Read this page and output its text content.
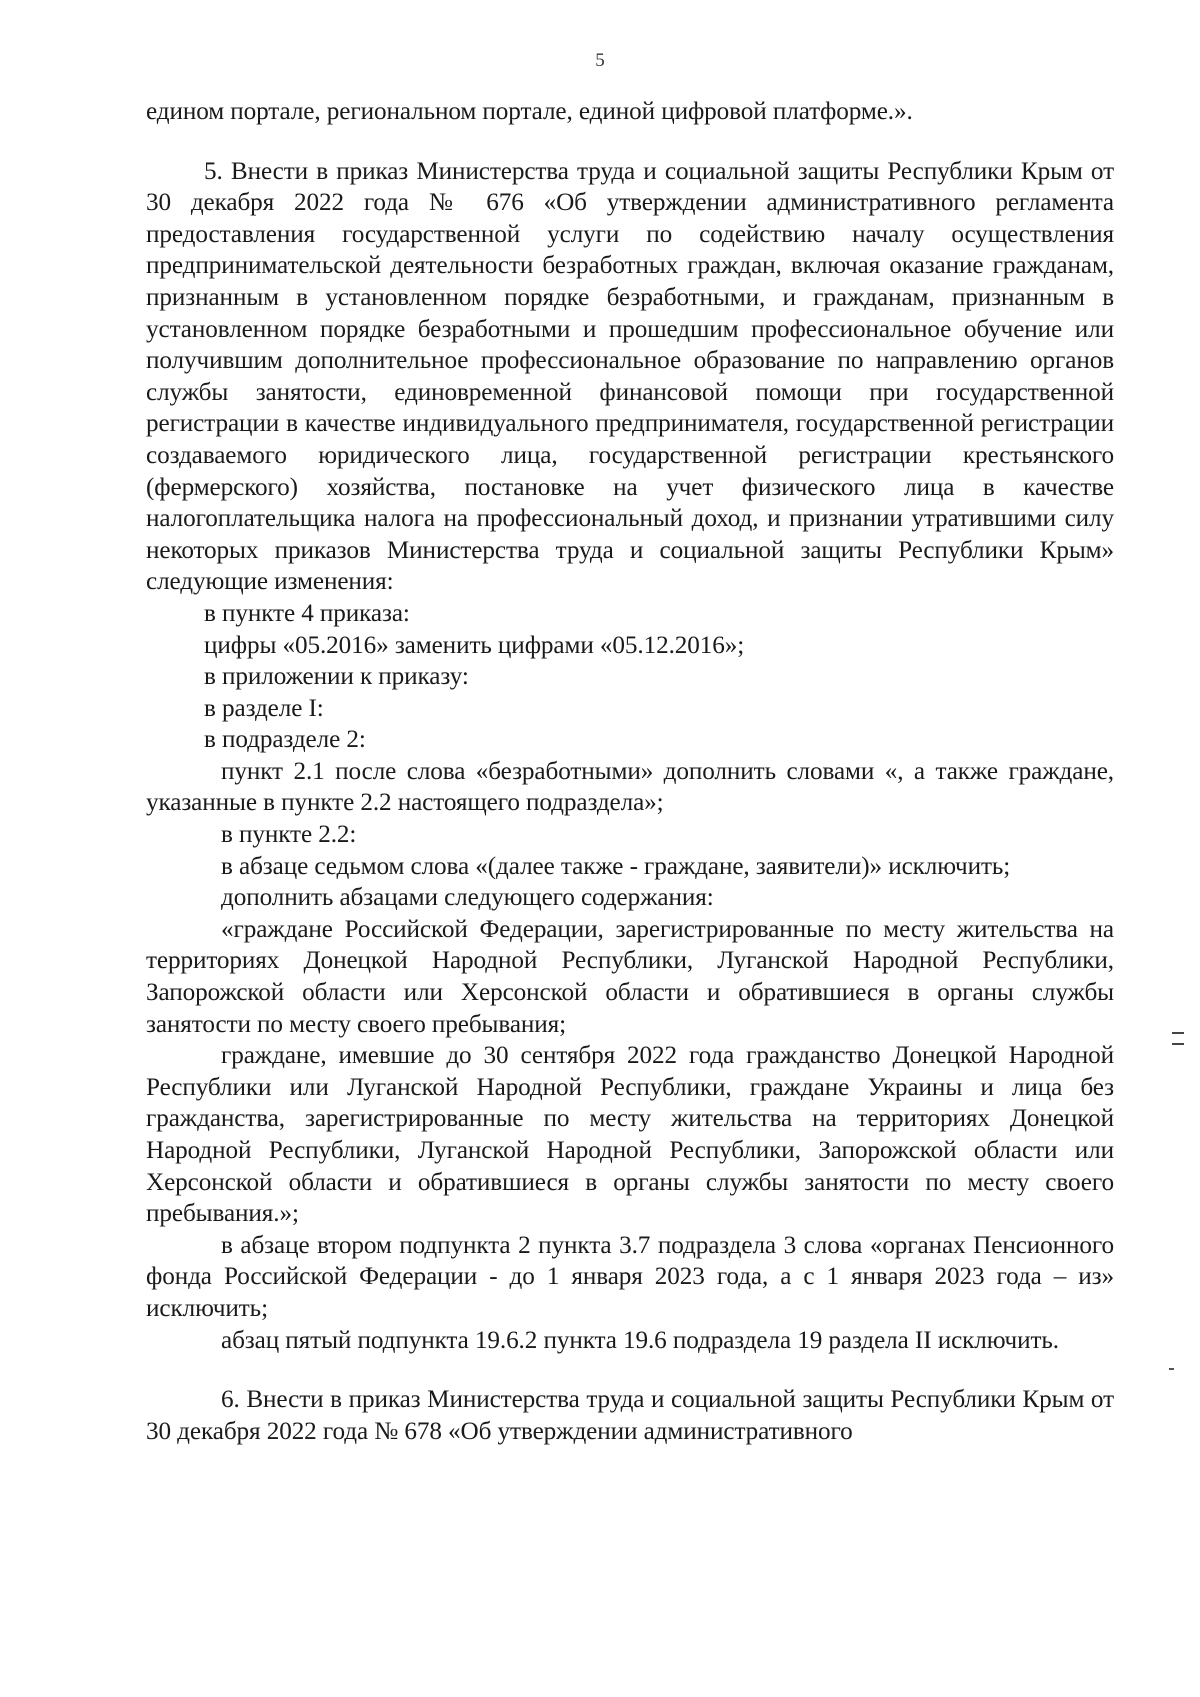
5

едином портале, региональном портале, единой цифровой платформе.».

5. Внести в приказ Министерства труда и социальной защиты Республики Крым от 30 декабря 2022 года № 676 «Об утверждении административного регламента предоставления государственной услуги по содействию началу осуществления предпринимательской деятельности безработных граждан, включая оказание гражданам, признанным в установленном порядке безработными, и гражданам, признанным в установленном порядке безработными и прошедшим профессиональное обучение или получившим дополнительное профессиональное образование по направлению органов службы занятости, единовременной финансовой помощи при государственной регистрации в качестве индивидуального предпринимателя, государственной регистрации создаваемого юридического лица, государственной регистрации крестьянского (фермерского) хозяйства, постановке на учет физического лица в качестве налогоплательщика налога на профессиональный доход, и признании утратившими силу некоторых приказов Министерства труда и социальной защиты Республики Крым» следующие изменения:

в пункте 4 приказа:

цифры «05.2016» заменить цифрами «05.12.2016»;

в приложении к приказу:

в разделе I:

в подразделе 2:

пункт 2.1 после слова «безработными» дополнить словами «, а также граждане, указанные в пункте 2.2 настоящего подраздела»;

в пункте 2.2:

в абзаце седьмом слова «(далее также - граждане, заявители)» исключить;

дополнить абзацами следующего содержания:

«граждане Российской Федерации, зарегистрированные по месту жительства на территориях Донецкой Народной Республики, Луганской Народной Республики, Запорожской области или Херсонской области и обратившиеся в органы службы занятости по месту своего пребывания;

граждане, имевшие до 30 сентября 2022 года гражданство Донецкой Народной Республики или Луганской Народной Республики, граждане Украины и лица без гражданства, зарегистрированные по месту жительства на территориях Донецкой Народной Республики, Луганской Народной Республики, Запорожской области или Херсонской области и обратившиеся в органы службы занятости по месту своего пребывания.»;

в абзаце втором подпункта 2 пункта 3.7 подраздела 3 слова «органах Пенсионного фонда Российской Федерации - до 1 января 2023 года, а с 1 января 2023 года – из» исключить;

абзац пятый подпункта 19.6.2 пункта 19.6 подраздела 19 раздела II исключить.

6. Внести в приказ Министерства труда и социальной защиты Республики Крым от 30 декабря 2022 года № 678 «Об утверждении административного
